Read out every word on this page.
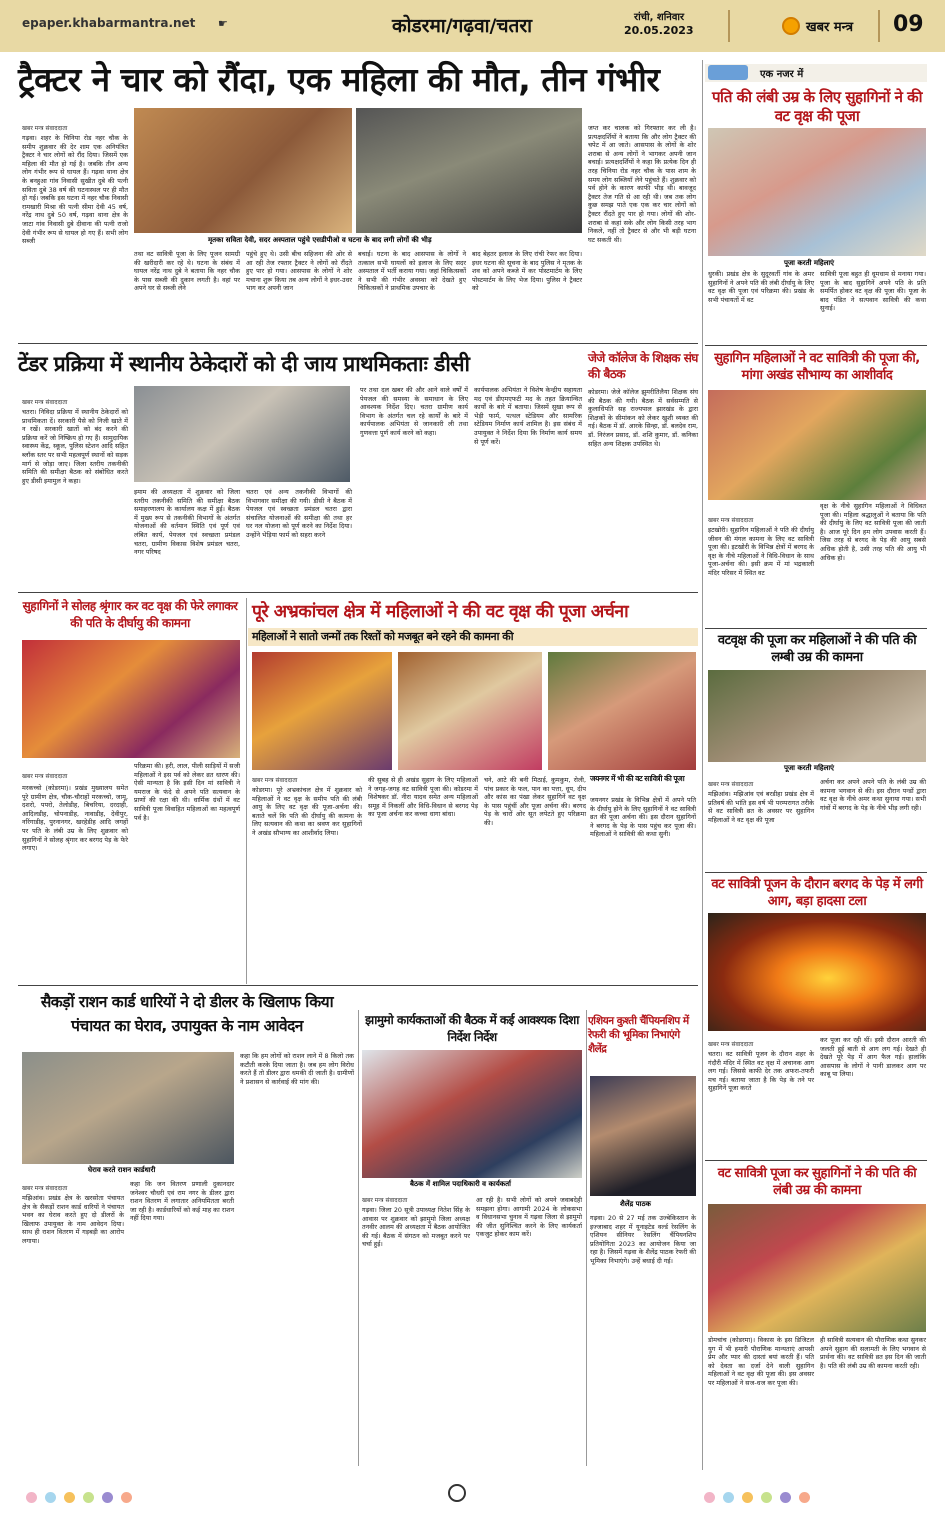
epaper.khabarmantra.net ☛	कोडरमा/गढ़वा/चतरा	रांची, शनिवार
20.05.2023	खबर मन्त्र 09
ट्रैक्टर ने चार को रौंदा, एक महिला की मौत, तीन गंभीर
खबर मन्त्र संवाददाता
गढ़वा। शहर के चिनिया रोड नहर चौक के समीप शुक्रवार की देर शाम एक अनियंत्रित ट्रैक्टर ने चार लोगों को रौंद दिया। जिसमें एक महिला की मौत हो गई है। जबकि तीन अन्य लोग गंभीर रूप से घायल हैं। गढ़वा थाना क्षेत्र के बनहुआ गांव निवासी सुखीत दुबे की पत्नी सविता दुबे 38 वर्ष की घटनास्थल पर ही मौत हो गई। जबकि इस घटना में नहर चौक निवासी रामखारी मिश्रा की पत्नी सीमा देवी 45 वर्ष, नरेंद्र नाथ दुबे 50 वर्ष, गढ़वा थाना क्षेत्र के जाटा गांव निवासी दुबे दीवाना की पत्नी राजो देवी गंभीर रूप से घायल हो गए हैं। सभी लोग सब्जी	मृतका सविता देवी, सदर अस्पताल पहुंचे एसडीपीओ व घटना के बाद लगी लोगों की भीड़
तथा वट सावित्री पूजा के लिए पूजन सामग्री की खरीदारी कर रहे थे। घटना के संबंध में घायल नरेंद्र नाथ दुबे ने बताया कि नहर चौक के पास सब्जी की दुकान लगती है। वहां पर अपने घर से सब्जी लेने
पहुंचे हुए थे। उसी बीच सहिजना की ओर से आ रही तेज रफ्तार ट्रैक्टर ने लोगों को रौंदते हुए पार हो गया। आसपास के लोगों ने शोर मचाना शुरू किया तब अन्य लोगों ने इधर-उधर भाग कर अपनी जान
बचाई। घटना के बाद आसपास के लोगों ने तत्काल सभी घायलों को इलाज के लिए सदर अस्पताल में भर्ती कराया गया। जहां चिकित्सकों ने सभी की गंभीर अवस्था को देखते हुए चिकित्सकों ने प्राथमिक उपचार के
बाद बेहतर इलाज के लिए रांची रेफर कर दिया। इधर घटना की सूचना के बाद पुलिस ने मृतक के शव को अपने कब्जे में कर पोस्टमार्टम के लिए पोस्टमार्टम के लिए भेज दिया। पुलिस ने ट्रैक्टर को
जप्त कर चालक को गिरफ्तार कर ली है। प्रत्यक्षदर्शियों ने बताया कि और लोग ट्रैक्टर की चपेट में आ जाते। आसपास के लोगों के शोर शराबा से अन्य लोगों ने भागकर अपनी जान बचाई। प्रत्यक्षदर्शियों ने कहा कि प्रत्येक दिन ही तरह चिनिया रोड नहर चौक के पास शाम के समय लोग सब्जियाँ लेने पहुंचते हैं। शुक्रवार को पर्व होने के कारण काफी भीड़ थी। बावजूद ट्रैक्टर तेज गति से आ रही थी। जब तक लोग कुछ समझ पाते एक एक कर चार लोगों को ट्रैक्टर रौंदते हुए पार हो गया। लोगों की शोर-शराबा से कहां सके और लोग किसी तरह भाग निकले, नहीं तो ट्रैक्टर से और भी बड़ी घटना घट सकती थी।
एक नजर में
पति की लंबी उम्र के लिए सुहागिनों ने की वट वृक्ष की पूजा
पूजा करती महिलाएं
धुरकी। प्रखंड क्षेत्र के सुदूरवर्ती गांव के अमर सुहागिनों ने अपने पति की लंबी दीर्घायु के लिए वट वृक्ष की पूजा एवं परिक्रमा की। प्रखंड के सभी पंचायतों में वट
सावित्री पूजा बहुत ही धूमधाम से मनाया गया। पूजा के बाद सुहागिनें अपने पति के प्रति समर्पित होकर वट वृक्ष की पूजा की। पूजा के बाद पंडित ने सत्यवान सावित्री की कथा सुनाई।
सुहागिन महिलाओं ने वट सावित्री की पूजा की, मांगा अखंड सौभाग्य का आशीर्वाद
खबर मन्त्र संवाददाता
इटखोरी। सुहागिन महिलाओं ने पति की दीर्घायु जीवन की मंगल कामना के लिए वट सावित्री पूजा की। इटखोरी के विभिन्न क्षेत्रों में बरगद के वृक्ष के नीचे महिलाओं ने विधि-विधान के साथ पूजा-अर्चना की। इसी क्रम में मां भद्रकाली मंदिर परिसर में स्थित वट
वृक्ष के नीचे सुहागिन महिलाओं ने विधिवत पूजा की। महिला श्रद्धालुओं ने बताया कि पति की दीर्घायु के लिए वट सावित्री पूजा की जाती है। आज पूरे दिन हम लोग उपवास करती हैं। जिस तरह से बरगद के पेड़ की आयु सबसे अधिक होती है, उसी तरह पति की आयु भी अधिक हो।
वटवृक्ष की पूजा कर महिलाओं ने की पति की लम्बी उम्र की कामना
पूजा करती महिलाएं
खबर मन्त्र संवाददाता
मझिआंव। मझिआंव एवं बरडीहा प्रखंड क्षेत्र में प्रतिवर्ष की भांति इस वर्ष भी परम्परागत तरीके से वट सावित्री व्रत के अवसर पर सुहागिन महिलाओं ने वट वृक्ष की पूजा
अर्चना कर अपने अपने पति के लंबी उम्र की कामना भगवान से की। इस दौरान पन्डों द्वारा वट वृक्ष के नीचे अमर कथा सुनाया गया। सभी गांवों में बरगद के पेड़ के नीचे भीड़ लगी रही।
वट सावित्री पूजन के दौरान बरगद के पेड़ में लगी आग, बड़ा हादसा टला
खबर मन्त्र संवाददाता
चतरा। वट सावित्री पूजन के दौरान शहर के गंदौरी मंदिर में स्थित वट वृक्ष में अचानक आग लग गई। जिससे काफी देर तक अफरा-तफरी मच गई। बताया जाता है कि पेड़ के तने पर सुहागिनें पूजा करते
कर पूजा कर रही थीं। इसी दौरान आरती की जलती हुई बाती से आग लग गई। देखते ही देखते पूरे पेड़ में आग फैल गई। हालांकि आसपास के लोगों ने पानी डालकर आग पर काबू पा लिया।
वट सावित्री पूजा कर सुहागिनों ने की पति की लंबी उम्र की कामना
डोमचांच (कोडरमा)। विकास के इस डिजिटल युग में भी हमारी पौराणिक मान्यताएं आपसी प्रेम और प्यार की दास्तां बयां करती हैं। पति को देवता का दर्जा देने वाली सुहागिन महिलाओं ने वट वृक्ष की पूजा की। इस अवसर पर महिलाओं ने सज-धज कर पूजा की।
ही सावित्री सत्यवान की पौराणिक कथा सुनकर अपने सुहाग की सलामती के लिए भगवान से प्रार्थना की। वट सावित्री व्रत इस दिन की जाती है। पति की लंबी उम्र की कामना करती रही।
टेंडर प्रक्रिया में स्थानीय ठेकेदारों को दी जाय प्राथमिकताः डीसी
खबर मन्त्र संवाददाता
चतरा। निविदा प्रक्रिया में स्थानीय ठेकेदारों को प्राथमिकता दें। सरकारी पैसे को निजी खाते में न रखें। सरकारी खातों को बंद करने की प्रक्रिया करें जो निष्क्रिय हो गए हैं। सामुदायिक स्वास्थ्य केंद्र, स्कूल, पुलिस स्टेशन आदि सहित ब्लॉक स्तर पर सभी महत्वपूर्ण स्थानों को सड़क मार्ग से जोड़ा जाए। जिला स्तरीय तकनीकी समिति की समीक्षा बैठक को संबोधित करते हुए डीसी इमामुल ने कहा।
इमाम की अध्यक्षता में शुक्रवार को जिला स्तरीय तकनीकी समिति की समीक्षा बैठक समाहरणालय के कार्यालय कक्ष में हुई। बैठक में मुख्य रूप से तकनीकी विभागों के अंतर्गत योजनाओं की वर्तमान स्थिति एवं पूर्ण एवं लंबित कार्य, पेयजल एवं स्वच्छता प्रमंडल चतरा, ग्रामीण विकास विशेष प्रमंडल चतरा, नगर परिषद
चतरा एवं अन्य तकनीकी विभागों की विभागवार समीक्षा की गयी। डीसी ने बैठक में पेयजल एवं स्वच्छता प्रमंडल चतरा द्वारा संचालित योजनाओं की समीक्षा की तथा हर घर नल योजना को पूर्ण करने का निर्देश दिया। उन्होंने भेड़िया फार्म को सहरा करने
पर तथा दल खबर की और आने वाले वर्षों में पेयजल की समस्या के समाधान के लिए आवश्यक निर्देश दिए। चतरा ग्रामीण कार्य विभाग के अंतर्गत चल रहे कार्यों के बारे में कार्यपालक अभियंता से जानकारी ली तथा गुणवत्ता पूर्ण कार्य करने को कहा।
कार्यपालक अभियंता ने विशेष केन्द्रीय सहायता मद एवं डीएमएफटी मद के तहत क्रियान्वित कार्यों के बारे में बताया। जिसमें सुखा रूप से भेड़ी फार्म, पत्थल स्टेडियम और सामरिक स्टेडियम निर्माण कार्य शामिल है। इस संबंध में उपायुक्त ने निर्देश दिया कि निर्माण कार्य समय से पूर्ण करें।
जेजे कॉलेज के शिक्षक संघ की बैठक
कोडरमा। जेजे कॉलेज झुमरीतिलैया शिक्षक संघ की बैठक की गयी। बैठक में सर्वसम्मति से कुलाधिपति सह राज्यपाल झारखंड के द्वारा शिक्षकों के सीमांकन को लेकर खुशी व्यक्त की गई। बैठक में डॉ. आरके सिन्हा, डॉ. बलदेव राम, डॉ. निरंजन प्रसाद, डॉ. शशि कुमार, डॉ. कनिका सहित अन्य शिक्षक उपस्थित थे।
सुहागिनों ने सोलह श्रृंगार कर वट वृक्ष की फेरे लगाकर की पति के दीर्घायु की कामना
खबर मन्त्र संवाददाता
मरकच्चो (कोडरमा)। प्रखंड मुख्यालय समेत पूरे ग्रामीण क्षेत्र, चौक-चौराहों मरकच्चो, जामू, दशरो, पपरो, तेलोडीह, बिचरिया, दरदाही, आदिलडीह, चोपनाडीह, नावाडीह, देवीपुर, नरिंगाडीह, पुरनानगर, खरहेडीह आदि जगहों पर पति के लंबी उम्र के लिए शुक्रवार को सुहागिनों ने सोलह श्रृंगार कर बरगद पेड़ के फेरे लगाए।
परिक्रमा की। हरी, लाल, पीली साड़ियों में सजी महिलाओं ने इस पर्व को लेकर व्रत धारण की। ऐसी मान्यता है कि इसी दिन मां सावित्री ने यमराज के फंदे से अपने पति सत्यवान के प्राणों की रक्षा की थी। धार्मिक ग्रंथों में वट सावित्री पूजा विवाहित महिलाओं का महत्वपूर्ण पर्व है।
पूरे अभ्रकांचल क्षेत्र में महिलाओं ने की वट वृक्ष की पूजा अर्चना
महिलाओं ने सातो जन्मों तक रिश्तों को मजबूत बने रहने की कामना की
खबर मन्त्र संवाददाता
कोडरमा। पूरे अभ्रकांचल क्षेत्र में शुक्रवार को महिलाओं ने वट वृक्ष के समीप पति की लंबी आयु के लिए वट वृक्ष की पूजा-अर्चना की। बताते चलें कि पति की दीर्घायु की कामना के लिए सत्यवान की कथा का श्रवण कर सुहागिनों ने अखंड सौभाग्य का आशीर्वाद लिया।
की सुबह से ही अखंड सुहाग के लिए महिलाओं ने जगह-जगह वट सावित्री पूजा की। कोडरमा में विशेषकर डॉ. नीरा यादव समेत अन्य महिलाओं समूह में निकलीं और विधि-विधान से बरगद पेड़ का पूजा अर्चना कर कच्चा धागा बांधा।
चने, आटे की बनी मिठाई, कुमकुम, रोली, पांच प्रकार के फल, पान का पत्ता, धूप, दीप और कांस का पंखा लेकर सुहागिनें वट वृक्ष के पास पहुंचीं और पूजा अर्चना की। बरगद पेड़ के चारों ओर सूत लपेटते हुए परिक्रमा की।
जयनगर में भी की वट सावित्री की पूजा
जयनगर प्रखंड के विभिन्न क्षेत्रों में अपने पति के दीर्घायु होने के लिए सुहागिनों ने वट सावित्री व्रत की पूजा अर्चना की। इस दौरान सुहागिनों ने बरगद के पेड़ के पास पहुंच कर पूजा की। महिलाओं ने सावित्री की कथा सुनी।
सैकड़ों राशन कार्ड धारियों ने दो डीलर के खिलाफ किया पंचायत का घेराव, उपायुक्त के नाम आवेदन
घेराव करते राशन कार्डधारी
खबर मन्त्र संवाददाता
मझिआंव। प्रखंड क्षेत्र के खरसोता पंचायत क्षेत्र के सैकड़ों राशन कार्ड धारियों ने पंचायत भवन का घेराव करते हुए दो डीलरों के खिलाफ उपायुक्त के नाम आवेदन दिया। साथ ही राशन वितरण में गड़बड़ी का आरोप लगाया।
कहा कि जन वितरण प्रणाली दुकानदार जनेश्वर चौधरी एवं राम नगर के डीलर द्वारा राशन वितरण में लगातार अनियमितता बरती जा रही है। कार्डधारियों को कई माह का राशन नहीं दिया गया।
कहा कि हम लोगों को राशन लाने में 8 किलो तक कटौती करके दिया जाता है। जब हम लोग विरोध करते हैं तो डीलर द्वारा धमकी दी जाती है। ग्रामीणों ने प्रशासन से कार्रवाई की मांग की।
झामुमो कार्यकताओं की बैठक में कई आवश्यक दिशा निर्देश निर्देश
बैठक में शामिल पदाधिकारी व कार्यकर्ता
खबर मन्त्र संवाददाता
गढ़वा। जिला 20 सूत्री उपाध्यक्ष नितेश सिंह के आवास पर शुक्रवार को झामुमो जिला अध्यक्ष तनवीर आलम की अध्यक्षता में बैठक आयोजित की गई। बैठक में संगठन को मजबूत करने पर चर्चा हुई।
आ रही है। सभी लोगों को अपने जवाबदेही समझना होगा। आगामी 2024 के लोकसभा व विधानसभा चुनाव में गढ़वा जिला से झामुमो की जीत सुनिश्चित करने के लिए कार्यकर्ता एकजुट होकर काम करें।
एशियन कुश्ती चैंपियनशिप में रेफरी की भूमिका निभाएंगे शैलेंद्र
शैलेंद्र पाठक
गढ़वा। 20 से 27 मई तक उज्बेकिस्तान के इज्जाबाद शहर में यूनाइटेड वर्ल्ड रेसलिंग के एशियन सीनियर रेसलिंग चैंपियनशिप प्रतियोगिता 2023 का आयोजन किया जा रहा है। जिसमें गढ़वा के शैलेंद्र पाठक रेफरी की भूमिका निभाएंगे। उन्हें बधाई दी गई।
